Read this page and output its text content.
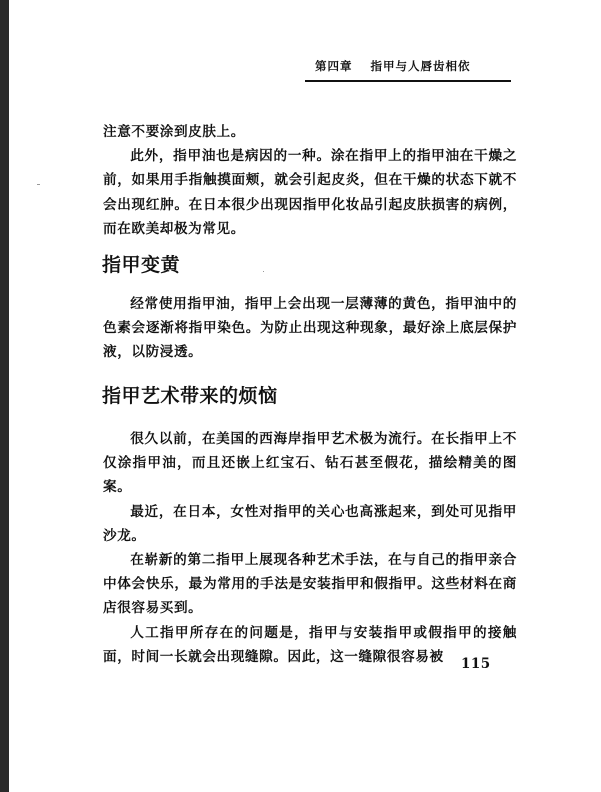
第四章 指甲与人唇齿相依

注意不要涂到皮肤上。

此外，指甲油也是病因的一种。涂在指甲上的指甲油在干燥之前，如果用手指触摸面颊，就会引起皮炎，但在干燥的状态下就不会出现红肿。在日本很少出现因指甲化妆品引起皮肤损害的病例，而在欧美却极为常见。

指甲变黄

经常使用指甲油，指甲上会出现一层薄薄的黄色，指甲油中的色素会逐渐将指甲染色。为防止出现这种现象，最好涂上底层保护液，以防浸透。

指甲艺术带来的烦恼

很久以前，在美国的西海岸指甲艺术极为流行。在长指甲上不仅涂指甲油，而且还嵌上红宝石、钻石甚至假花，描绘精美的图案。

最近，在日本，女性对指甲的关心也高涨起来，到处可见指甲沙龙。

在崭新的第二指甲上展现各种艺术手法，在与自己的指甲亲合中体会快乐，最为常用的手法是安装指甲和假指甲。这些材料在商店很容易买到。

人工指甲所存在的问题是，指甲与安装指甲或假指甲的接触面，时间一长就会出现缝隙。因此，这一缝隙很容易被	115
